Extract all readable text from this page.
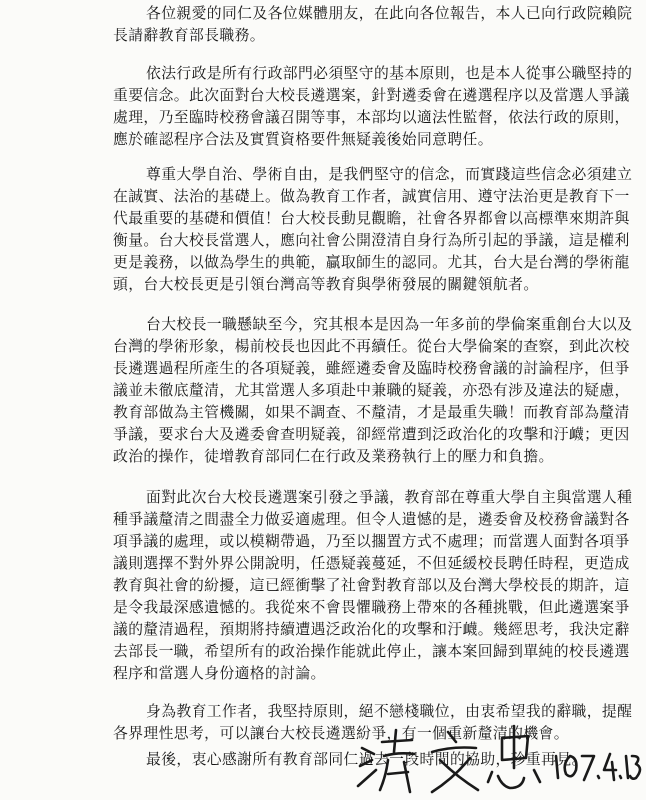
各位親愛的同仁及各位媒體朋友，在此向各位報告，本人已向行政院賴院
長請辭教育部長職務。
依法行政是所有行政部門必須堅守的基本原則，也是本人從事公職堅持的
重要信念。此次面對台大校長遴選案，針對遴委會在遴選程序以及當選人爭議
處理，乃至臨時校務會議召開等事，本部均以適法性監督，依法行政的原則，
應於確認程序合法及實質資格要件無疑義後始同意聘任。
尊重大學自治、學術自由，是我們堅守的信念，而實踐這些信念必須建立
在誠實、法治的基礎上。做為教育工作者，誠實信用、遵守法治更是教育下一
代最重要的基礎和價值！台大校長動見觀瞻，社會各界都會以高標準來期許與
衡量。台大校長當選人，應向社會公開澄清自身行為所引起的爭議，這是權利
更是義務，以做為學生的典範，贏取師生的認同。尤其，台大是台灣的學術龍
頭，台大校長更是引領台灣高等教育與學術發展的關鍵領航者。
台大校長一職懸缺至今，究其根本是因為一年多前的學倫案重創台大以及
台灣的學術形象，楊前校長也因此不再續任。從台大學倫案的查察，到此次校
長遴選過程所產生的各項疑義，雖經遴委會及臨時校務會議的討論程序，但爭
議並未徹底釐清，尤其當選人多項赴中兼職的疑義，亦恐有涉及違法的疑慮，
教育部做為主管機關，如果不調查、不釐清，才是最重失職！而教育部為釐清
爭議，要求台大及遴委會查明疑義，卻經常遭到泛政治化的攻擊和汙衊；更因
政治的操作，徒增教育部同仁在行政及業務執行上的壓力和負擔。
面對此次台大校長遴選案引發之爭議，教育部在尊重大學自主與當選人種
種爭議釐清之間盡全力做妥適處理。但令人遺憾的是，遴委會及校務會議對各
項爭議的處理，或以模糊帶過，乃至以擱置方式不處理；而當選人面對各項爭
議則選擇不對外界公開說明，任憑疑義蔓延，不但延緩校長聘任時程，更造成
教育與社會的紛擾，這已經衝擊了社會對教育部以及台灣大學校長的期許，這
是令我最深感遺憾的。我從來不會畏懼職務上帶來的各種挑戰，但此遴選案爭
議的釐清過程，預期將持續遭遇泛政治化的攻擊和汙衊。幾經思考，我決定辭
去部長一職，希望所有的政治操作能就此停止，讓本案回歸到單純的校長遴選
程序和當選人身份適格的討論。
身為教育工作者，我堅持原則，絕不戀棧職位，由衷希望我的辭職，提醒
各界理性思考，可以讓台大校長遴選紛爭，有一個重新釐清的機會。
最後，衷心感謝所有教育部同仁過去一段時間的協助，珍重再見。
